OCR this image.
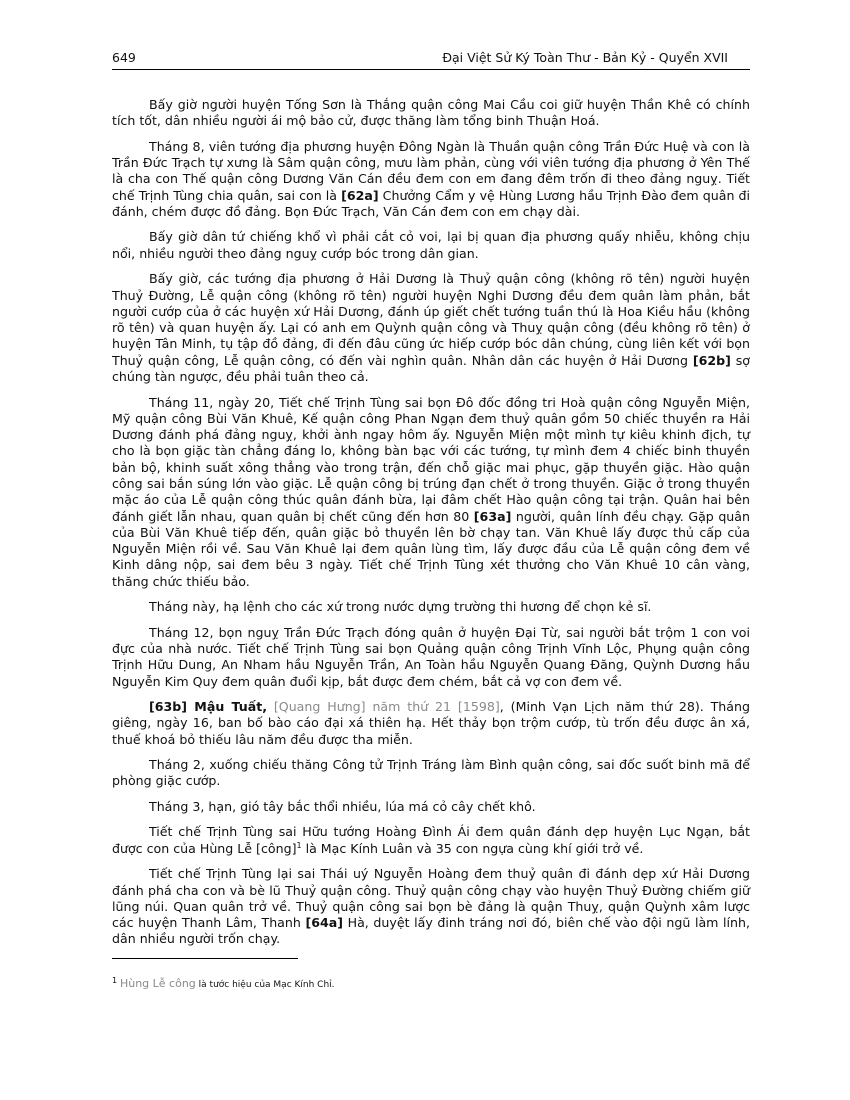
649	Đại Việt Sử Ký Toàn Thư - Bản Kỷ - Quyển XVII

Bấy giờ người huyện Tống Sơn là Thắng quận công Mai Cầu coi giữ huyện Thần Khê có chính tích tốt, dân nhiều người ái mộ bảo cử, được thăng làm tổng binh Thuận Hoá.

Tháng 8, viên tướng địa phương huyện Đông Ngàn là Thuần quận công Trần Đức Huệ và con là Trần Đức Trạch tự xưng là Sâm quận công, mưu làm phản, cùng với viên tướng địa phương ở Yên Thế là cha con Thế quận công Dương Văn Cán đều đem con em đang đêm trốn đi theo đảng nguỵ. Tiết chế Trịnh Tùng chia quân, sai con là [62a] Chưởng Cẩm y vệ Hùng Lương hầu Trịnh Đào đem quân đi đánh, chém được đồ đảng. Bọn Đức Trạch, Văn Cán đem con em chạy dài.

Bấy giờ dân tứ chiếng khổ vì phải cắt cỏ voi, lại bị quan địa phương quấy nhiễu, không chịu nổi, nhiều người theo đảng nguỵ cướp bóc trong dân gian.

Bấy giờ, các tướng địa phương ở Hải Dương là Thuỷ quận công (không rõ tên) người huyện Thuỷ Đường, Lễ quận công (không rõ tên) người huyện Nghi Dương đều đem quân làm phản, bắt người cướp của ở các huyện xứ Hải Dương, đánh úp giết chết tướng tuần thú là Hoa Kiều hầu (không rõ tên) và quan huyện ấy. Lại có anh em Quỳnh quận công và Thuỵ quận công (đều không rõ tên) ở huyện Tân Minh, tụ tập đồ đảng, đi đến đâu cũng ức hiếp cướp bóc dân chúng, cùng liên kết với bọn Thuỷ quận công, Lễ quận công, có đến vài nghìn quân. Nhân dân các huyện ở Hải Dương [62b] sợ chúng tàn ngược, đều phải tuân theo cả.

Tháng 11, ngày 20, Tiết chế Trịnh Tùng sai bọn Đô đốc đồng tri Hoà quận công Nguyễn Miện, Mỹ quận công Bùi Văn Khuê, Kế quận công Phan Ngạn đem thuỷ quân gồm 50 chiếc thuyền ra Hải Dương đánh phá đảng nguỵ, khởi ành ngay hôm ấy. Nguyễn Miện một mình tự kiêu khinh địch, tự cho là bọn giặc tàn chẳng đáng lo, không bàn bạc với các tướng, tự mình đem 4 chiếc binh thuyền bản bộ, khinh suất xông thẳng vào trong trận, đến chỗ giặc mai phục, gặp thuyền giặc. Hào quận công sai bắn súng lớn vào giặc. Lễ quận công bị trúng đạn chết ở trong thuyền. Giặc ở trong thuyền mặc áo của Lễ quận công thúc quân đánh bừa, lại đâm chết Hào quận công tại trận. Quân hai bên đánh giết lẫn nhau, quan quân bị chết cũng đến hơn 80 [63a] người, quân lính đều chạy. Gặp quân của Bùi Văn Khuê tiếp đến, quân giặc bỏ thuyền lên bờ chạy tan. Văn Khuê lấy được thủ cấp của Nguyễn Miện rồi về. Sau Văn Khuê lại đem quân lùng tìm, lấy được đầu của Lễ quận công đem về Kinh dâng nộp, sai đem bêu 3 ngày. Tiết chế Trịnh Tùng xét thưởng cho Văn Khuê 10 cân vàng, thăng chức thiếu bảo.

Tháng này, hạ lệnh cho các xứ trong nước dựng trường thi hương để chọn kẻ sĩ.

Tháng 12, bọn nguỵ Trần Đức Trạch đóng quân ở huyện Đại Từ, sai người bắt trộm 1 con voi đực của nhà nước. Tiết chế Trịnh Tùng sai bọn Quảng quận công Trịnh Vĩnh Lộc, Phụng quận công Trịnh Hữu Dung, An Nham hầu Nguyễn Trần, An Toàn hầu Nguyễn Quang Đăng, Quỳnh Dương hầu Nguyễn Kim Quy đem quân đuổi kịp, bắt được đem chém, bắt cả vợ con đem về.

[63b] Mậu Tuất, [Quang Hưng] năm thứ 21 [1598], (Minh Vạn Lịch năm thứ 28). Tháng giêng, ngày 16, ban bố bào cáo đại xá thiên hạ. Hết thảy bọn trộm cướp, tù trốn đều được ân xá, thuế khoá bỏ thiếu lâu năm đều được tha miễn.

Tháng 2, xuống chiếu thăng Công tử Trịnh Tráng làm Bình quận công, sai đốc suốt binh mã để phòng giặc cướp.

Tháng 3, hạn, gió tây bắc thổi nhiều, lúa má cỏ cây chết khô.

Tiết chế Trịnh Tùng sai Hữu tướng Hoàng Đình Ái đem quân đánh dẹp huyện Lục Ngạn, bắt được con của Hùng Lễ [công]$^1$ là Mạc Kính Luân và 35 con ngựa cùng khí giới trở về.

Tiết chế Trịnh Tùng lại sai Thái uý Nguyễn Hoàng đem thuỷ quân đi đánh dẹp xứ Hải Dương đánh phá cha con và bè lũ Thuỷ quận công. Thuỷ quận công chạy vào huyện Thuỷ Đường chiếm giữ lũng núi. Quan quân trở về. Thuỷ quận công sai bọn bè đảng là quận Thuỵ, quận Quỳnh xâm lược các huyện Thanh Lâm, Thanh [64a] Hà, duyệt lấy đinh tráng nơi đó, biên chế vào đội ngũ làm lính, dân nhiều người trốn chạy.

$^1$ Hùng Lễ công là tước hiệu của Mạc Kính Chỉ.
